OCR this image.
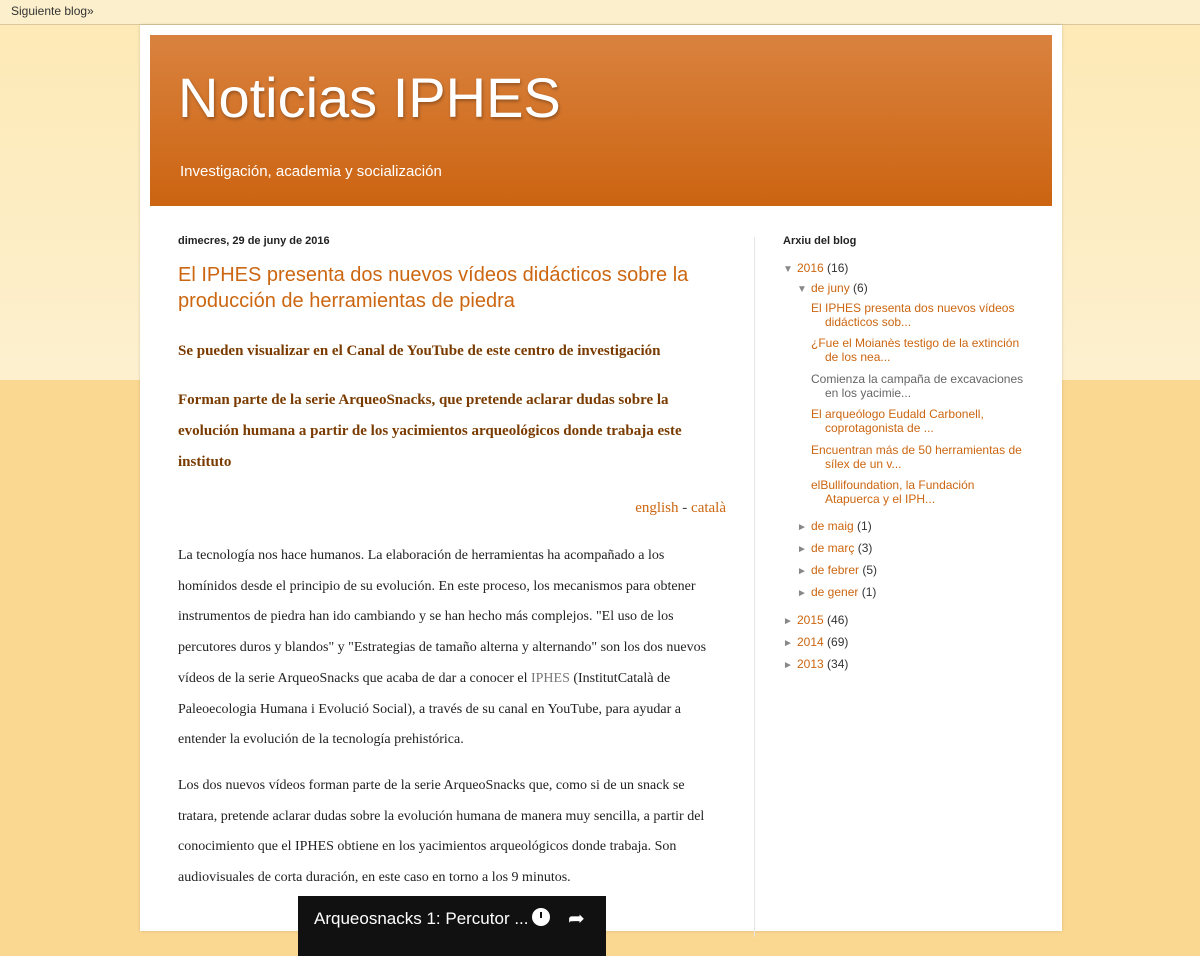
Siguiente blog»
Noticias IPHES
Investigación, academia y socialización
dimecres, 29 de juny de 2016
El IPHES presenta dos nuevos vídeos didácticos sobre la producción de herramientas de piedra

Se pueden visualizar en el Canal de YouTube de este centro de investigación

Forman parte de la serie ArqueoSnacks, que pretende aclarar dudas sobre la evolución humana a partir de los yacimientos arqueológicos donde trabaja este instituto

english - català

La tecnología nos hace humanos. La elaboración de herramientas ha acompañado a los homínidos desde el principio de su evolución. En este proceso, los mecanismos para obtener instrumentos de piedra han ido cambiando y se han hecho más complejos. "El uso de los percutores duros y blandos" y "Estrategias de tamaño alterna y alternando" son los dos nuevos vídeos de la serie ArqueoSnacks que acaba de dar a conocer el IPHES (InstitutCatalà de Paleoecologia Humana i Evolució Social), a través de su canal en YouTube, para ayudar a entender la evolución de la tecnología prehistórica.

Los dos nuevos vídeos forman parte de la serie ArqueoSnacks que, como si de un snack se tratara, pretende aclarar dudas sobre la evolución humana de manera muy sencilla, a partir del conocimiento que el IPHES obtiene en los yacimientos arqueológicos donde trabaja. Son audiovisuales de corta duración, en este caso en torno a los 9 minutos.

Arqueosnacks 1: Percutor ... ➦
Arxiu del blog
▼ 2016 (16)
▼ de juny (6)
El IPHES presenta dos nuevos vídeos
didácticos sob...
¿Fue el Moianès testigo de la extinción
de los nea...
Comienza la campaña de excavaciones
en los yacimie...
El arqueólogo Eudald Carbonell,
coprotagonista de ...
Encuentran más de 50 herramientas de
sílex de un v...
elBullifoundation, la Fundación
Atapuerca y el IPH...
► de maig (1)
► de març (3)
► de febrer (5)
► de gener (1)
► 2015 (46)
► 2014 (69)
► 2013 (34)
